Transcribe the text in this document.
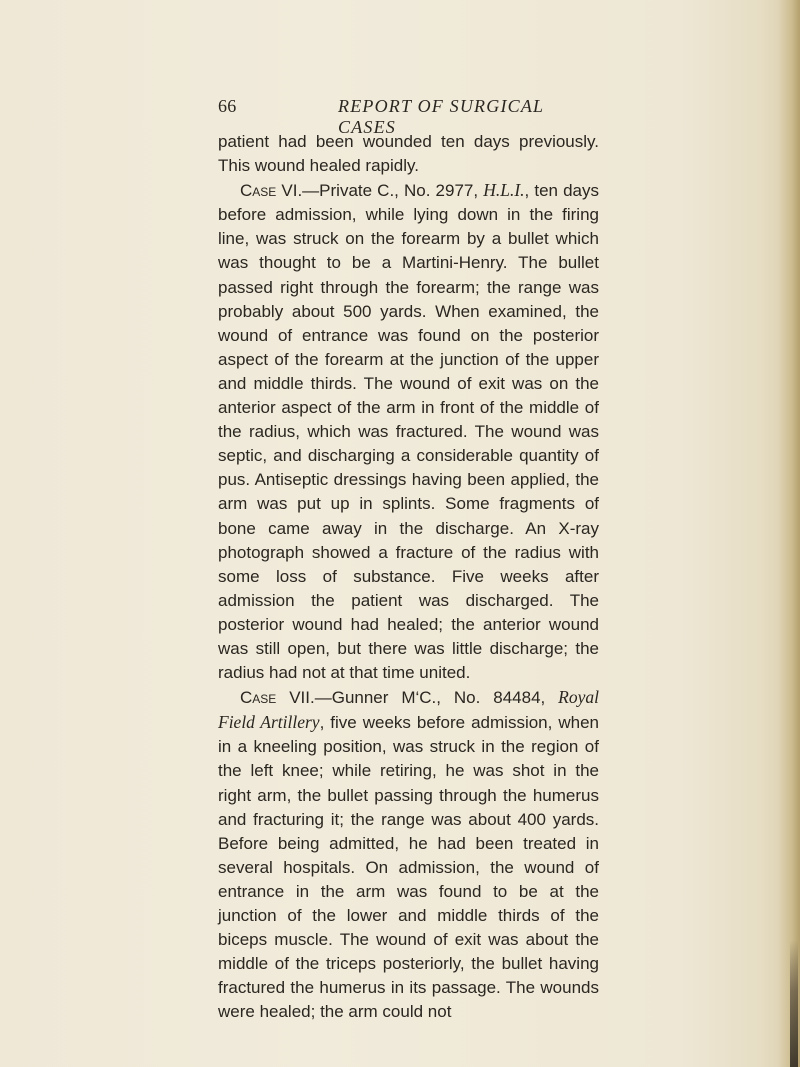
66	REPORT OF SURGICAL CASES

patient had been wounded ten days previously. This wound healed rapidly.

Case VI.—Private C., No. 2977, H.L.I., ten days before admission, while lying down in the firing line, was struck on the forearm by a bullet which was thought to be a Martini-Henry. The bullet passed right through the forearm; the range was probably about 500 yards. When examined, the wound of entrance was found on the posterior aspect of the forearm at the junction of the upper and middle thirds. The wound of exit was on the anterior aspect of the arm in front of the middle of the radius, which was fractured. The wound was septic, and discharging a considerable quantity of pus. Antiseptic dressings having been applied, the arm was put up in splints. Some fragments of bone came away in the discharge. An X-ray photograph showed a fracture of the radius with some loss of substance. Five weeks after admission the patient was discharged. The posterior wound had healed; the anterior wound was still open, but there was little discharge; the radius had not at that time united.

Case VII.—Gunner M‘C., No. 84484, Royal Field Artillery, five weeks before admission, when in a kneeling position, was struck in the region of the left knee; while retiring, he was shot in the right arm, the bullet passing through the humerus and fracturing it; the range was about 400 yards. Before being admitted, he had been treated in several hospitals. On admission, the wound of entrance in the arm was found to be at the junction of the lower and middle thirds of the biceps muscle. The wound of exit was about the middle of the triceps posteriorly, the bullet having fractured the humerus in its passage. The wounds were healed; the arm could not
